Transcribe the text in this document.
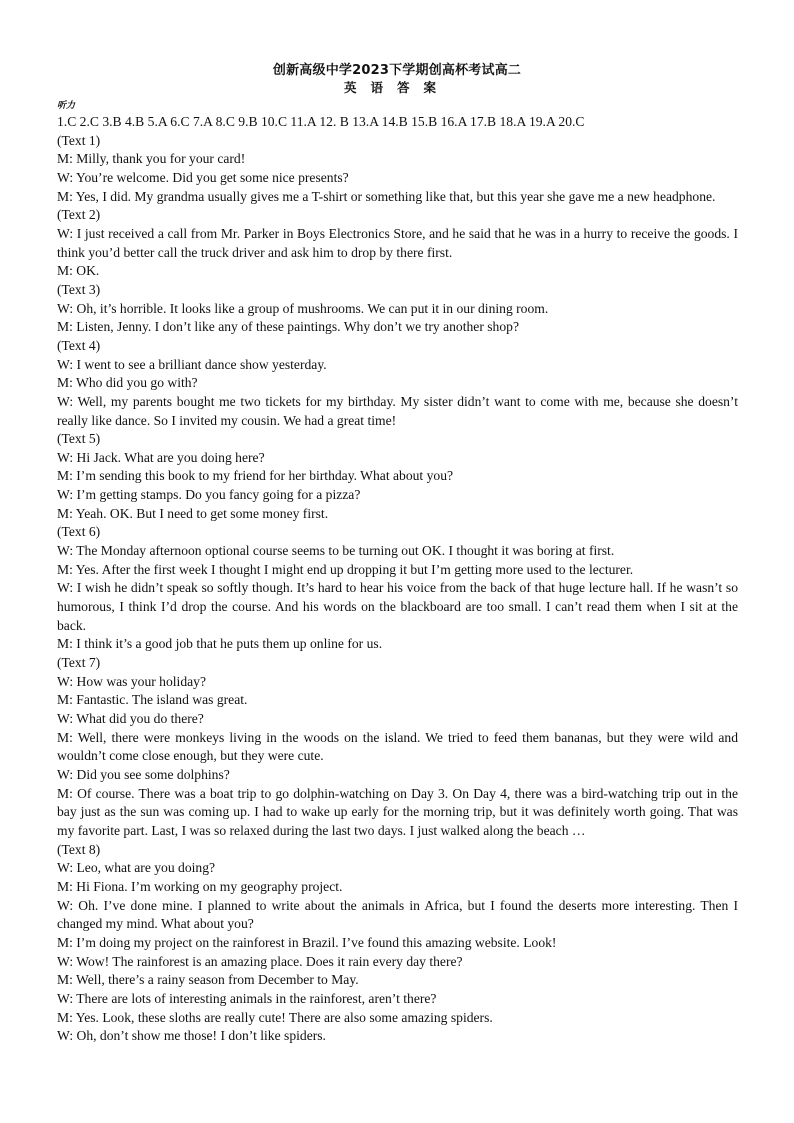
创新高级中学2023下学期创高杯考试高二
英语答案
听力
1.C 2.C 3.B 4.B 5.A 6.C 7.A 8.C 9.B 10.C 11.A 12. B 13.A 14.B 15.B 16.A 17.B 18.A 19.A 20.C
(Text 1)
M: Milly, thank you for your card!
W: You’re welcome. Did you get some nice presents?
M: Yes, I did. My grandma usually gives me a T-shirt or something like that, but this year she gave me a new headphone.
(Text 2)
W: I just received a call from Mr. Parker in Boys Electronics Store, and he said that he was in a hurry to receive the goods. I think you’d better call the truck driver and ask him to drop by there first.
M: OK.
(Text 3)
W: Oh, it’s horrible. It looks like a group of mushrooms. We can put it in our dining room.
M: Listen, Jenny. I don’t like any of these paintings. Why don’t we try another shop?
(Text 4)
W: I went to see a brilliant dance show yesterday.
M: Who did you go with?
W: Well, my parents bought me two tickets for my birthday. My sister didn’t want to come with me, because she doesn’t really like dance. So I invited my cousin. We had a great time!
(Text 5)
W: Hi Jack. What are you doing here?
M: I’m sending this book to my friend for her birthday. What about you?
W: I’m getting stamps. Do you fancy going for a pizza?
M: Yeah. OK. But I need to get some money first.
(Text 6)
W: The Monday afternoon optional course seems to be turning out OK. I thought it was boring at first.
M: Yes. After the first week I thought I might end up dropping it but I’m getting more used to the lecturer.
W: I wish he didn’t speak so softly though. It’s hard to hear his voice from the back of that huge lecture hall. If he wasn’t so humorous, I think I’d drop the course. And his words on the blackboard are too small. I can’t read them when I sit at the back.
M: I think it’s a good job that he puts them up online for us.
(Text 7)
W: How was your holiday?
M: Fantastic. The island was great.
W: What did you do there?
M: Well, there were monkeys living in the woods on the island. We tried to feed them bananas, but they were wild and wouldn’t come close enough, but they were cute.
W: Did you see some dolphins?
M: Of course. There was a boat trip to go dolphin-watching on Day 3. On Day 4, there was a bird-watching trip out in the bay just as the sun was coming up. I had to wake up early for the morning trip, but it was definitely worth going. That was my favorite part. Last, I was so relaxed during the last two days. I just walked along the beach …
(Text 8)
W: Leo, what are you doing?
M: Hi Fiona. I’m working on my geography project.
W: Oh. I’ve done mine. I planned to write about the animals in Africa, but I found the deserts more interesting. Then I changed my mind. What about you?
M: I’m doing my project on the rainforest in Brazil. I’ve found this amazing website. Look!
W: Wow! The rainforest is an amazing place. Does it rain every day there?
M: Well, there’s a rainy season from December to May.
W: There are lots of interesting animals in the rainforest, aren’t there?
M: Yes. Look, these sloths are really cute! There are also some amazing spiders.
W: Oh, don’t show me those! I don’t like spiders.
